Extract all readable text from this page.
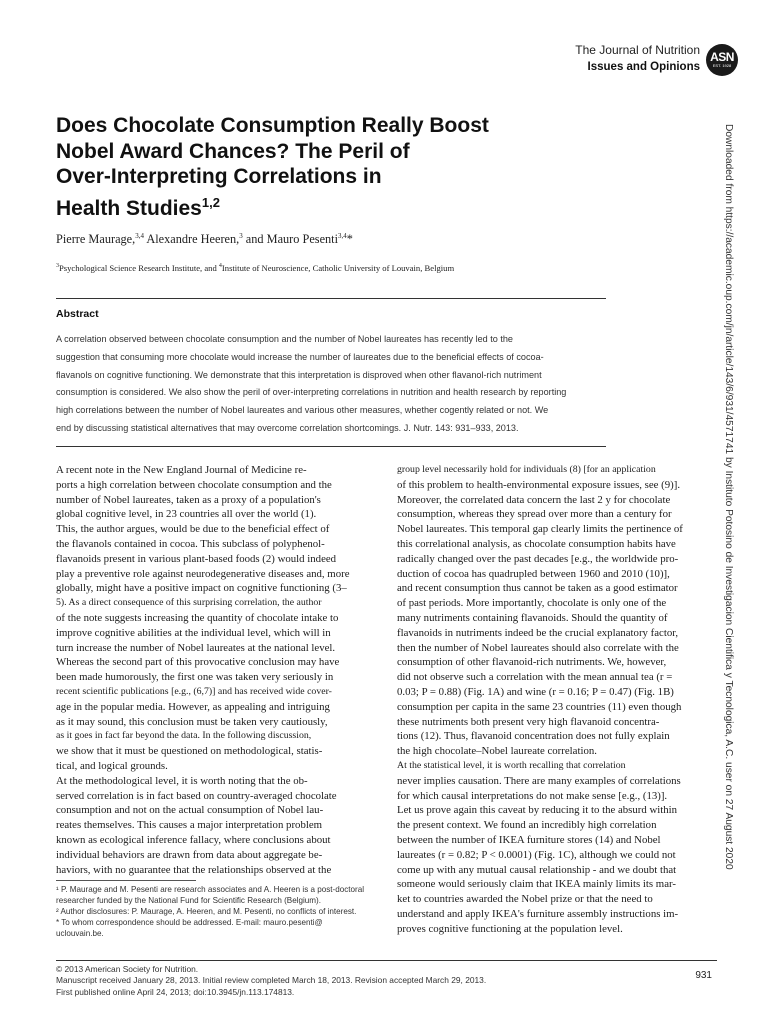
The Journal of Nutrition
Issues and Opinions
ASN
EST. 1928
Downloaded from https://academic.oup.com/jn/article/143/6/931/4571741 by Instituto Potosino de Investigacion Cientifica y Tecnologica, A.C. user on 27 August 2020
Does Chocolate Consumption Really Boost
Nobel Award Chances? The Peril of
Over-Interpreting Correlations in
Health Studies$^{1,2}$
Pierre Maurage,$^{3,4}$ Alexandre Heeren,$^3$ and Mauro Pesenti$^{3,4}$*
$^3$Psychological Science Research Institute, and $^4$Institute of Neuroscience, Catholic University of Louvain, Belgium
Abstract
A correlation observed between chocolate consumption and the number of Nobel laureates has recently led to the
suggestion that consuming more chocolate would increase the number of laureates due to the beneficial effects of cocoa-
flavanols on cognitive functioning. We demonstrate that this interpretation is disproved when other flavanol-rich nutriment
consumption is considered. We also show the peril of over-interpreting correlations in nutrition and health research by reporting
high correlations between the number of Nobel laureates and various other measures, whether cogently related or not. We
end by discussing statistical alternatives that may overcome correlation shortcomings. J. Nutr. 143: 931–933, 2013.
A recent note in the New England Journal of Medicine re-
ports a high correlation between chocolate consumption and the
number of Nobel laureates, taken as a proxy of a population's
global cognitive level, in 23 countries all over the world (1).
This, the author argues, would be due to the beneficial effect of
the flavanols contained in cocoa. This subclass of polyphenol-
flavanoids present in various plant-based foods (2) would indeed
play a preventive role against neurodegenerative diseases and, more
globally, might have a positive impact on cognitive functioning (3–
5). As a direct consequence of this surprising correlation, the author
of the note suggests increasing the quantity of chocolate intake to
improve cognitive abilities at the individual level, which will in
turn increase the number of Nobel laureates at the national level.
Whereas the second part of this provocative conclusion may have
been made humorously, the first one was taken very seriously in
recent scientific publications [e.g., (6,7)] and has received wide cover-
age in the popular media. However, as appealing and intriguing
as it may sound, this conclusion must be taken very cautiously,
as it goes in fact far beyond the data. In the following discussion,
we show that it must be questioned on methodological, statis-
tical, and logical grounds.
At the methodological level, it is worth noting that the ob-
served correlation is in fact based on country-averaged chocolate
consumption and not on the actual consumption of Nobel lau-
reates themselves. This causes a major interpretation problem
known as ecological inference fallacy, where conclusions about
individual behaviors are drawn from data about aggregate be-
haviors, with no guarantee that the relationships observed at the
group level necessarily hold for individuals (8) [for an application
of this problem to health-environmental exposure issues, see (9)].
Moreover, the correlated data concern the last 2 y for chocolate
consumption, whereas they spread over more than a century for
Nobel laureates. This temporal gap clearly limits the pertinence of
this correlational analysis, as chocolate consumption habits have
radically changed over the past decades [e.g., the worldwide pro-
duction of cocoa has quadrupled between 1960 and 2010 (10)],
and recent consumption thus cannot be taken as a good estimator
of past periods. More importantly, chocolate is only one of the
many nutriments containing flavanoids. Should the quantity of
flavanoids in nutriments indeed be the crucial explanatory factor,
then the number of Nobel laureates should also correlate with the
consumption of other flavanoid-rich nutriments. We, however,
did not observe such a correlation with the mean annual tea (r =
0.03; P = 0.88) (Fig. 1A) and wine (r = 0.16; P = 0.47) (Fig. 1B)
consumption per capita in the same 23 countries (11) even though
these nutriments both present very high flavanoid concentra-
tions (12). Thus, flavanoid concentration does not fully explain
the high chocolate–Nobel laureate correlation.
At the statistical level, it is worth recalling that correlation
never implies causation. There are many examples of correlations
for which causal interpretations do not make sense [e.g., (13)].
Let us prove again this caveat by reducing it to the absurd within
the present context. We found an incredibly high correlation
between the number of IKEA furniture stores (14) and Nobel
laureates (r = 0.82; P < 0.0001) (Fig. 1C), although we could not
come up with any mutual causal relationship - and we doubt that
someone would seriously claim that IKEA mainly limits its mar-
ket to countries awarded the Nobel prize or that the need to
understand and apply IKEA's furniture assembly instructions im-
proves cognitive functioning at the population level.
¹ P. Maurage and M. Pesenti are research associates and A. Heeren is a post-doctoral
researcher funded by the National Fund for Scientific Research (Belgium).
² Author disclosures: P. Maurage, A. Heeren, and M. Pesenti, no conflicts of interest.
* To whom correspondence should be addressed. E-mail: mauro.pesenti@
uclouvain.be.
© 2013 American Society for Nutrition.
Manuscript received January 28, 2013. Initial review completed March 18, 2013. Revision accepted March 29, 2013.
First published online April 24, 2013; doi:10.3945/jn.113.174813.
931
